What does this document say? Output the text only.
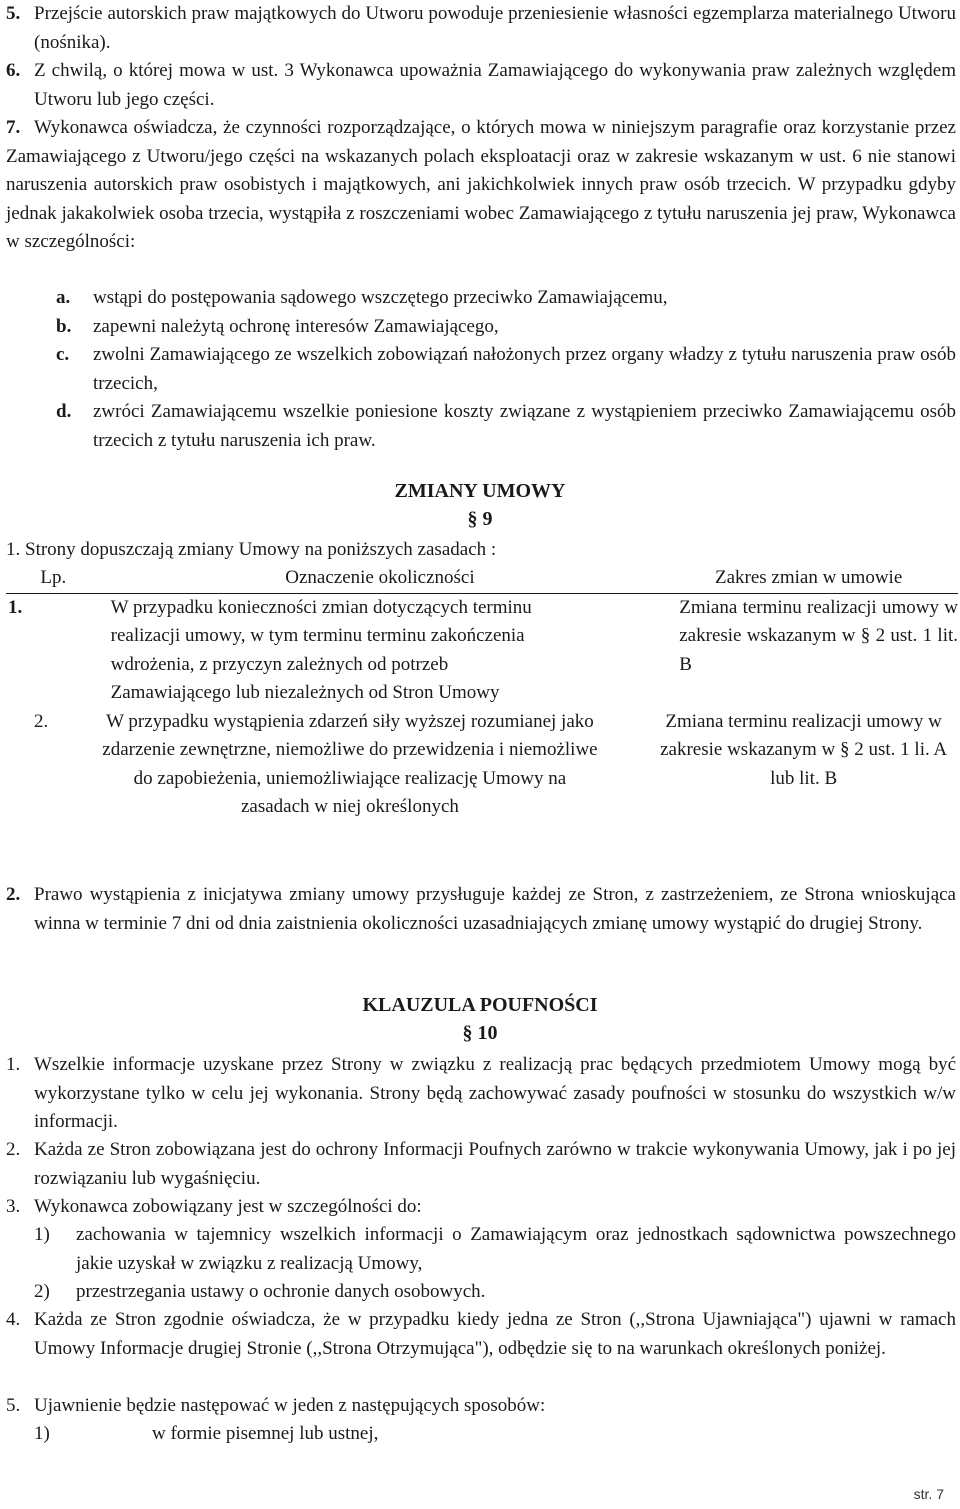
5. Przejście autorskich praw majątkowych do Utworu powoduje przeniesienie własności egzemplarza materialnego Utworu (nośnika).
6. Z chwilą, o której mowa w ust. 3 Wykonawca upoważnia Zamawiającego do wykonywania praw zależnych względem Utworu lub jego części.
7. Wykonawca oświadcza, że czynności rozporządzające, o których mowa w niniejszym paragrafie oraz korzystanie przez Zamawiającego z Utworu/jego części na wskazanych polach eksploatacji oraz w zakresie wskazanym w ust. 6 nie stanowi naruszenia autorskich praw osobistych i majątkowych, ani jakichkolwiek innych praw osób trzecich. W przypadku gdyby jednak jakakolwiek osoba trzecia, wystąpiła z roszczeniami wobec Zamawiającego z tytułu naruszenia jej praw, Wykonawca w szczególności:
a. wstąpi do postępowania sądowego wszczętego przeciwko Zamawiającemu,
b. zapewni należytą ochronę interesów Zamawiającego,
c. zwolni Zamawiającego ze wszelkich zobowiązań nałożonych przez organy władzy z tytułu naruszenia praw osób trzecich,
d. zwróci Zamawiającemu wszelkie poniesione koszty związane z wystąpieniem przeciwko Zamawiającemu osób trzecich z tytułu naruszenia ich praw.
ZMIANY UMOWY
§ 9
1. Strony dopuszczają zmiany Umowy na poniższych zasadach :
Lp.	Oznaczenie okoliczności	Zakres zmian w umowie
1.	W przypadku konieczności zmian dotyczących terminu realizacji umowy, w tym terminu terminu zakończenia wdrożenia, z przyczyn zależnych od potrzeb Zamawiającego lub niezależnych od Stron Umowy	Zmiana terminu realizacji umowy w zakresie wskazanym w § 2 ust. 1 lit. B
2.	W przypadku wystąpienia zdarzeń siły wyższej rozumianej jako zdarzenie zewnętrzne, niemożliwe do przewidzenia i niemożliwe do zapobieżenia, uniemożliwiające realizację Umowy na zasadach w niej określonych	Zmiana terminu realizacji umowy w zakresie wskazanym w § 2 ust. 1 li. A lub lit. B
2. Prawo wystąpienia z inicjatywa zmiany umowy przysługuje każdej ze Stron, z zastrzeżeniem, ze Strona wnioskująca winna w terminie 7 dni od dnia zaistnienia okoliczności uzasadniających zmianę umowy wystąpić do drugiej Strony.
KLAUZULA POUFNOŚCI
§ 10
1. Wszelkie informacje uzyskane przez Strony w związku z realizacją prac będących przedmiotem Umowy mogą być wykorzystane tylko w celu jej wykonania. Strony będą zachowywać zasady poufności w stosunku do wszystkich w/w informacji.
2. Każda ze Stron zobowiązana jest do ochrony Informacji Poufnych zarówno w trakcie wykonywania Umowy, jak i po jej rozwiązaniu lub wygaśnięciu.
3. Wykonawca zobowiązany jest w szczególności do:
1) zachowania w tajemnicy wszelkich informacji o Zamawiającym oraz jednostkach sądownictwa powszechnego jakie uzyskał w związku z realizacją Umowy,
2) przestrzegania ustawy o ochronie danych osobowych.
4. Każda ze Stron zgodnie oświadcza, że w przypadku kiedy jedna ze Stron (,,Strona Ujawniająca") ujawni w ramach Umowy Informacje drugiej Stronie (,,Strona Otrzymująca"), odbędzie się to na warunkach określonych poniżej.
5. Ujawnienie będzie następować w jeden z następujących sposobów:
1)	w formie pisemnej lub ustnej,
str. 7
